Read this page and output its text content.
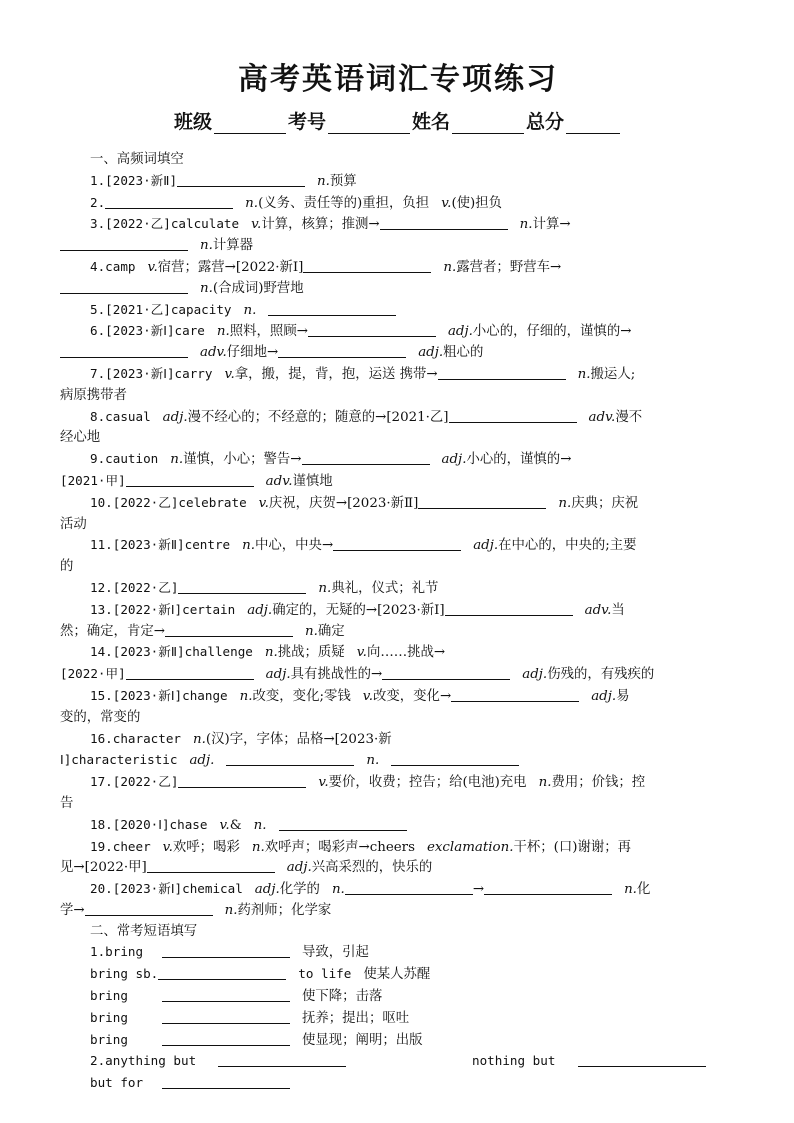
高考英语词汇专项练习
班级	考号	姓名	总分
一、高频词填空
1.[2023·新Ⅱ]	n.预算
2.	n.(义务、责任等的)重担，负担 v.(使)担负
3.[2022·乙]calculate v.计算，核算；推测→	n.计算→
n.计算器
4.camp v.宿营；露营→[2022·新Ⅰ]	n.露营者；野营车→
n.(合成词)野营地
5.[2021·乙]capacity n.
6.[2023·新Ⅰ]care n.照料，照顾→	adj.小心的，仔细的，谨慎的→
adv.仔细地→	adj.粗心的
7.[2023·新Ⅰ]carry v.拿，搬，提，背，抱，运送 携带→	n.搬运人;
病原携带者
8.casual adj.漫不经心的；不经意的；随意的→[2021·乙]	adv.漫不
经心地
9.caution n.谨慎，小心；警告→	adj.小心的，谨慎的→
[2021·甲]	adv.谨慎地
10.[2022·乙]celebrate v.庆祝，庆贺→[2023·新Ⅱ]	n.庆典；庆祝
活动
11.[2023·新Ⅱ]centre n.中心，中央→	adj.在中心的，中央的;主要
的
12.[2022·乙]	n.典礼，仪式；礼节
13.[2022·新Ⅰ]certain adj.确定的，无疑的→[2023·新Ⅰ]	adv.当
然；确定，肯定→	n.确定
14.[2023·新Ⅱ]challenge n.挑战；质疑 v.向……挑战→
[2022·甲]	adj.具有挑战性的→	adj.伤残的，有残疾的
15.[2023·新Ⅰ]change n.改变，变化;零钱 v.改变，变化→	adj.易
变的，常变的
16.character n.(汉)字，字体；品格→[2023·新
Ⅰ]characteristic adj.	n.
17.[2022·乙]	v.要价，收费；控告；给(电池)充电 n.费用；价钱；控
告
18.[2020·Ⅰ]chase v.& n.
19.cheer v.欢呼；喝彩 n.欢呼声；喝彩声→cheers exclamation.干杯；(口)谢谢；再
见→[2022·甲]	adj.兴高采烈的，快乐的
20.[2023·新Ⅰ]chemical adj.化学的 n.	→	n.化
学→	n.药剂师；化学家
二、常考短语填写
1.bring	导致，引起
bring sb.	to life 使某人苏醒
bring	使下降；击落
bring	抚养；提出；呕吐
bring	使显现；阐明；出版
2.anything but	nothing but
but for
